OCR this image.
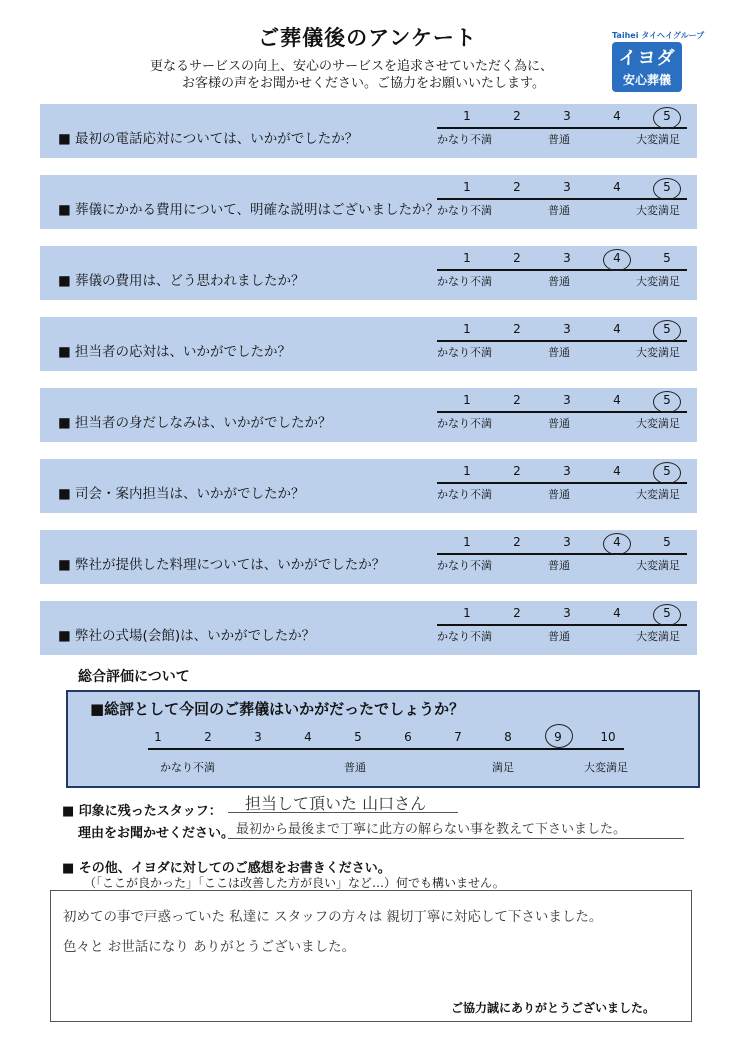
ご葬儀後のアンケート
更なるサービスの向上、安心のサービスを追求させていただく為に、
お客様の声をお聞かせください。ご協力をお願いいたします。
Taihei タイヘイグループ
イヨダ
安心葬儀
■ 最初の電話応対については、いかがでしたか？	かなり不満	普通	大変満足
1	2	3	4	5
■ 葬儀にかかる費用について、明確な説明はございましたか？
かなり不満	普通	大変満足
1	2	3	4	5
■ 葬儀の費用は、どう思われましたか？	かなり不満	普通	大変満足
1	2	3	4	5
■ 担当者の応対は、いかがでしたか？	かなり不満	普通	大変満足
1	2	3	4	5
■ 担当者の身だしなみは、いかがでしたか？	かなり不満	普通	大変満足
1	2	3	4	5
■ 司会・案内担当は、いかがでしたか？	かなり不満	普通	大変満足
1	2	3	4	5
■ 弊社が提供した料理については、いかがでしたか？	かなり不満	普通	大変満足
1	2	3	4	5
■ 弊社の式場(会館)は、いかがでしたか？	かなり不満	普通	大変満足
1	2	3	4	5
総合評価について
■総評として今回のご葬儀はいかがだったでしょうか？
1	2	3	4	5	6	7	8	9	10
かなり不満	普通	満足	大変満足
■ 印象に残ったスタッフ： 担当して頂いた 山口さん
理由をお聞かせください。 最初から最後まで丁寧に此方の解らない事を教えて下さいました。
■ その他、イヨダに対してのご感想をお書きください。
（「ここが良かった」「ここは改善した方が良い」など…）何でも構いません。
初めての事で戸惑っていた 私達に スタッフの方々は 親切丁寧に対応して下さいました。
色々と お世話になり ありがとうございました。
ご協力誠にありがとうございました。
